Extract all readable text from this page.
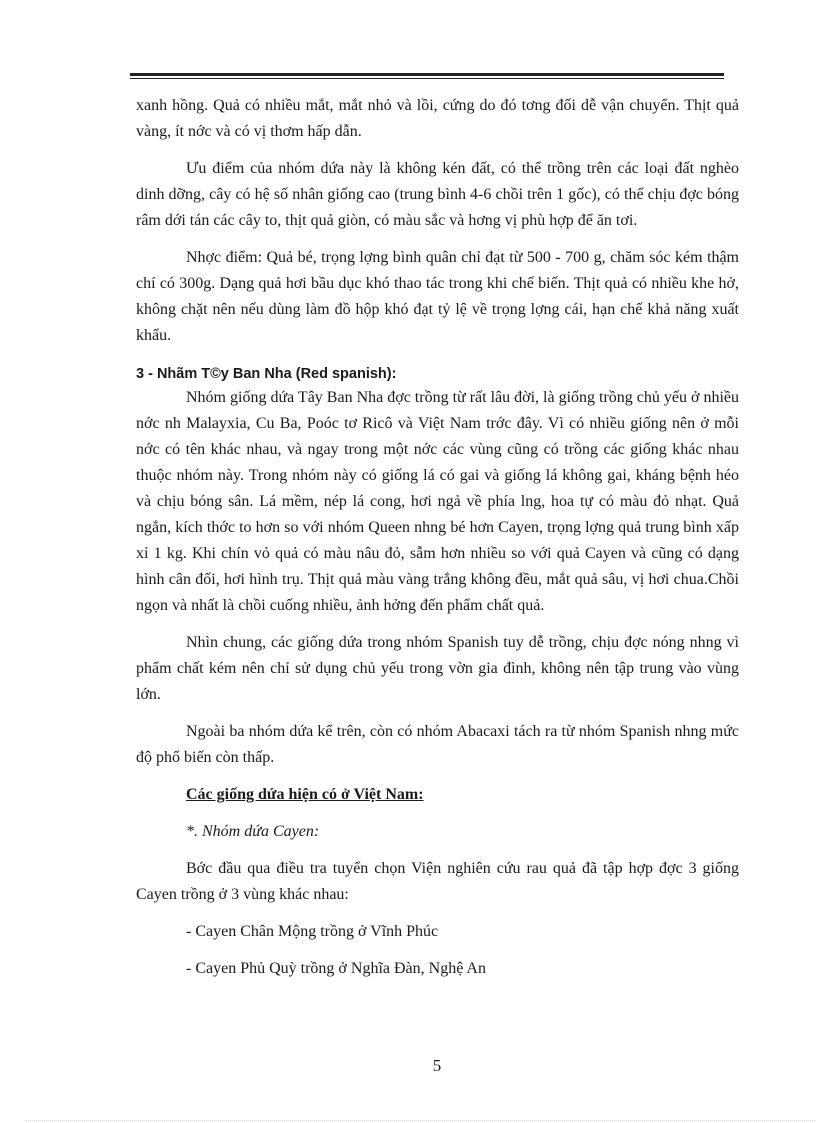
xanh hồng. Quả có nhiều mắt, mắt nhỏ và lồi, cứng do đó tơng đối dễ vận chuyển. Thịt quả vàng, ít nớc và có vị thơm hấp dẫn.

Ưu điểm của nhóm dứa này là không kén đất, có thể trồng trên các loại đất nghèo dinh dỡng, cây có hệ số nhân giống cao (trung bình 4-6 chồi trên 1 gốc), có thể chịu đợc bóng râm dới tán các cây to, thịt quả giòn, có màu sắc và hơng vị phù hợp để ăn tơi.

Nhợc điểm: Quả bé, trọng lợng bình quân chỉ đạt từ 500 - 700 g, chăm sóc kém thậm chí có 300g. Dạng quả hơi bầu dục khó thao tác trong khi chế biến. Thịt quả có nhiều khe hở, không chặt nên nếu dùng làm đồ hộp khó đạt tỷ lệ về trọng lợng cái, hạn chế khả năng xuất khẩu.

3 - Nhãm T©y Ban Nha (Red spanish):

Nhóm giống dứa Tây Ban Nha đợc trồng từ rất lâu đời, là giống trồng chủ yếu ở nhiều nớc nh Malayxia, Cu Ba, Poóc tơ Ricô và Việt Nam trớc đây. Vì có nhiều giống nên ở mỗi nớc có tên khác nhau, và ngay trong một nớc các vùng cũng có trồng các giống khác nhau thuộc nhóm này. Trong nhóm này có giống lá có gai và giống lá không gai, kháng bệnh héo và chịu bóng sân. Lá mềm, nép lá cong, hơi ngả về phía lng, hoa tự có màu đỏ nhạt. Quả ngắn, kích thớc to hơn so với nhóm Queen nhng bé hơn Cayen, trọng lợng quả trung bình xấp xỉ 1 kg. Khi chín vỏ quả có màu nâu đỏ, sẫm hơn nhiều so với quả Cayen và cũng có dạng hình cân đối, hơi hình trụ. Thịt quả màu vàng trắng không đều, mắt quả sâu, vị hơi chua.Chồi ngọn và nhất là chồi cuống nhiều, ảnh hởng đến phẩm chất quả.

Nhìn chung, các giống dứa trong nhóm Spanish tuy dễ trồng, chịu đợc nóng nhng vì phẩm chất kém nên chỉ sử dụng chủ yếu trong vờn gia đình, không nên tập trung vào vùng lớn.

Ngoài ba nhóm dứa kể trên, còn có nhóm Abacaxi tách ra từ nhóm Spanish nhng mức độ phổ biến còn thấp.

Các giống dứa hiện có ở Việt Nam:

*. Nhóm dứa Cayen:

Bớc đầu qua điều tra tuyển chọn Viện nghiên cứu rau quả đã tập hợp đợc 3 giống Cayen trồng ở 3 vùng khác nhau:

- Cayen Chân Mộng trồng ở Vĩnh Phúc

- Cayen Phủ Quỳ trồng ở Nghĩa Đàn, Nghệ An

5
